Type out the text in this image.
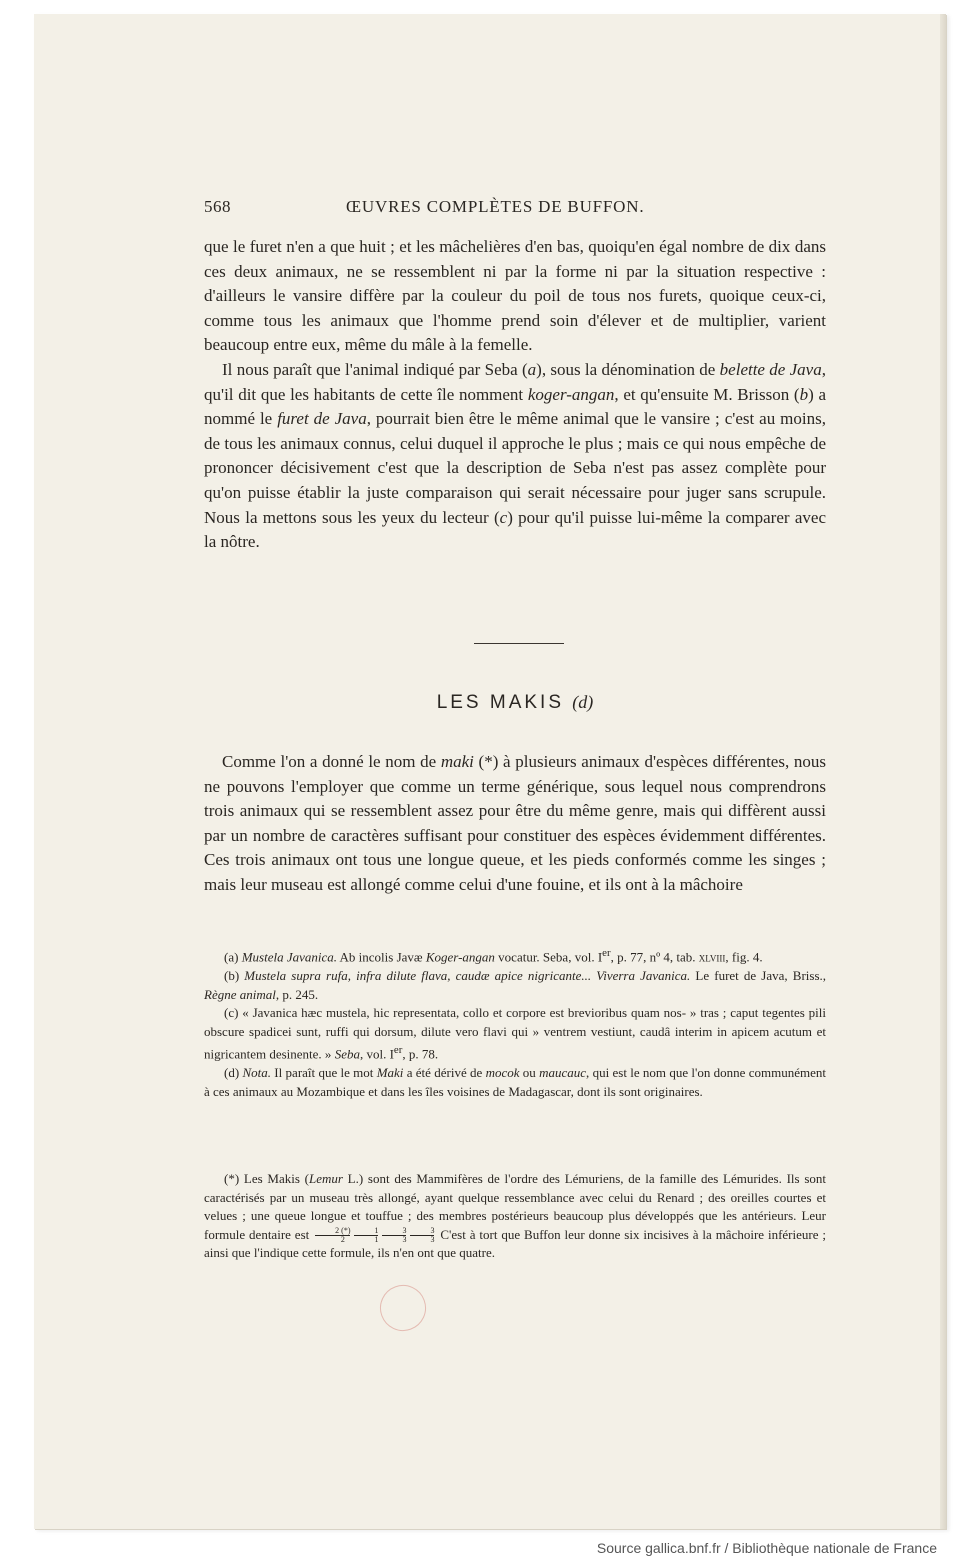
568	ŒUVRES COMPLÈTES DE BUFFON.

que le furet n'en a que huit ; et les mâchelières d'en bas, quoiqu'en égal nombre de dix dans ces deux animaux, ne se ressemblent ni par la forme ni par la situation respective : d'ailleurs le vansire diffère par la couleur du poil de tous nos furets, quoique ceux-ci, comme tous les animaux que l'homme prend soin d'élever et de multiplier, varient beaucoup entre eux, même du mâle à la femelle.

Il nous paraît que l'animal indiqué par Seba (a), sous la dénomination de belette de Java, qu'il dit que les habitants de cette île nomment koger-angan, et qu'ensuite M. Brisson (b) a nommé le furet de Java, pourrait bien être le même animal que le vansire ; c'est au moins, de tous les animaux connus, celui duquel il approche le plus ; mais ce qui nous empêche de prononcer décisivement c'est que la description de Seba n'est pas assez complète pour qu'on puisse établir la juste comparaison qui serait nécessaire pour juger sans scrupule. Nous la mettons sous les yeux du lecteur (c) pour qu'il puisse lui-même la comparer avec la nôtre.

LES MAKIS (d)

Comme l'on a donné le nom de maki (*) à plusieurs animaux d'espèces différentes, nous ne pouvons l'employer que comme un terme générique, sous lequel nous comprendrons trois animaux qui se ressemblent assez pour être du même genre, mais qui diffèrent aussi par un nombre de caractères suffisant pour constituer des espèces évidemment différentes. Ces trois animaux ont tous une longue queue, et les pieds conformés comme les singes ; mais leur museau est allongé comme celui d'une fouine, et ils ont à la mâchoire

(a) Mustela Javanica. Ab incolis Javæ Koger-angan vocatur. Seba, vol. Ier, p. 77, nº 4, tab. xlviii, fig. 4.

(b) Mustela supra rufa, infra dilute flava, caudæ apice nigricante... Viverra Javanica. Le furet de Java, Briss., Règne animal, p. 245.

(c) « Javanica hæc mustela, hic representata, collo et corpore est brevioribus quam nos- » tras ; caput tegentes pili obscure spadicei sunt, ruffi qui dorsum, dilute vero flavi qui » ventrem vestiunt, caudâ interim in apicem acutum et nigricantem desinente. » Seba, vol. Ier, p. 78.

(d) Nota. Il paraît que le mot Maki a été dérivé de mocok ou maucauc, qui est le nom que l'on donne communément à ces animaux au Mozambique et dans les îles voisines de Madagascar, dont ils sont originaires.

(*) Les Makis (Lemur L.) sont des Mammifères de l'ordre des Lémuriens, de la famille des Lémurides. Ils sont caractérisés par un museau très allongé, ayant quelque ressemblance avec celui du Renard ; des oreilles courtes et velues ; une queue longue et touffue ; des membres postérieurs beaucoup plus développés que les antérieurs. Leur formule dentaire est $\frac{2 (*)}{2} \frac{1}{1} \frac{3}{3} \frac{3}{3} C'est$ à tort que Buffon leur donne six incisives à la mâchoire inférieure ; ainsi que l'indique cette formule, ils n'en ont que quatre.

Source gallica.bnf.fr / Bibliothèque nationale de France
